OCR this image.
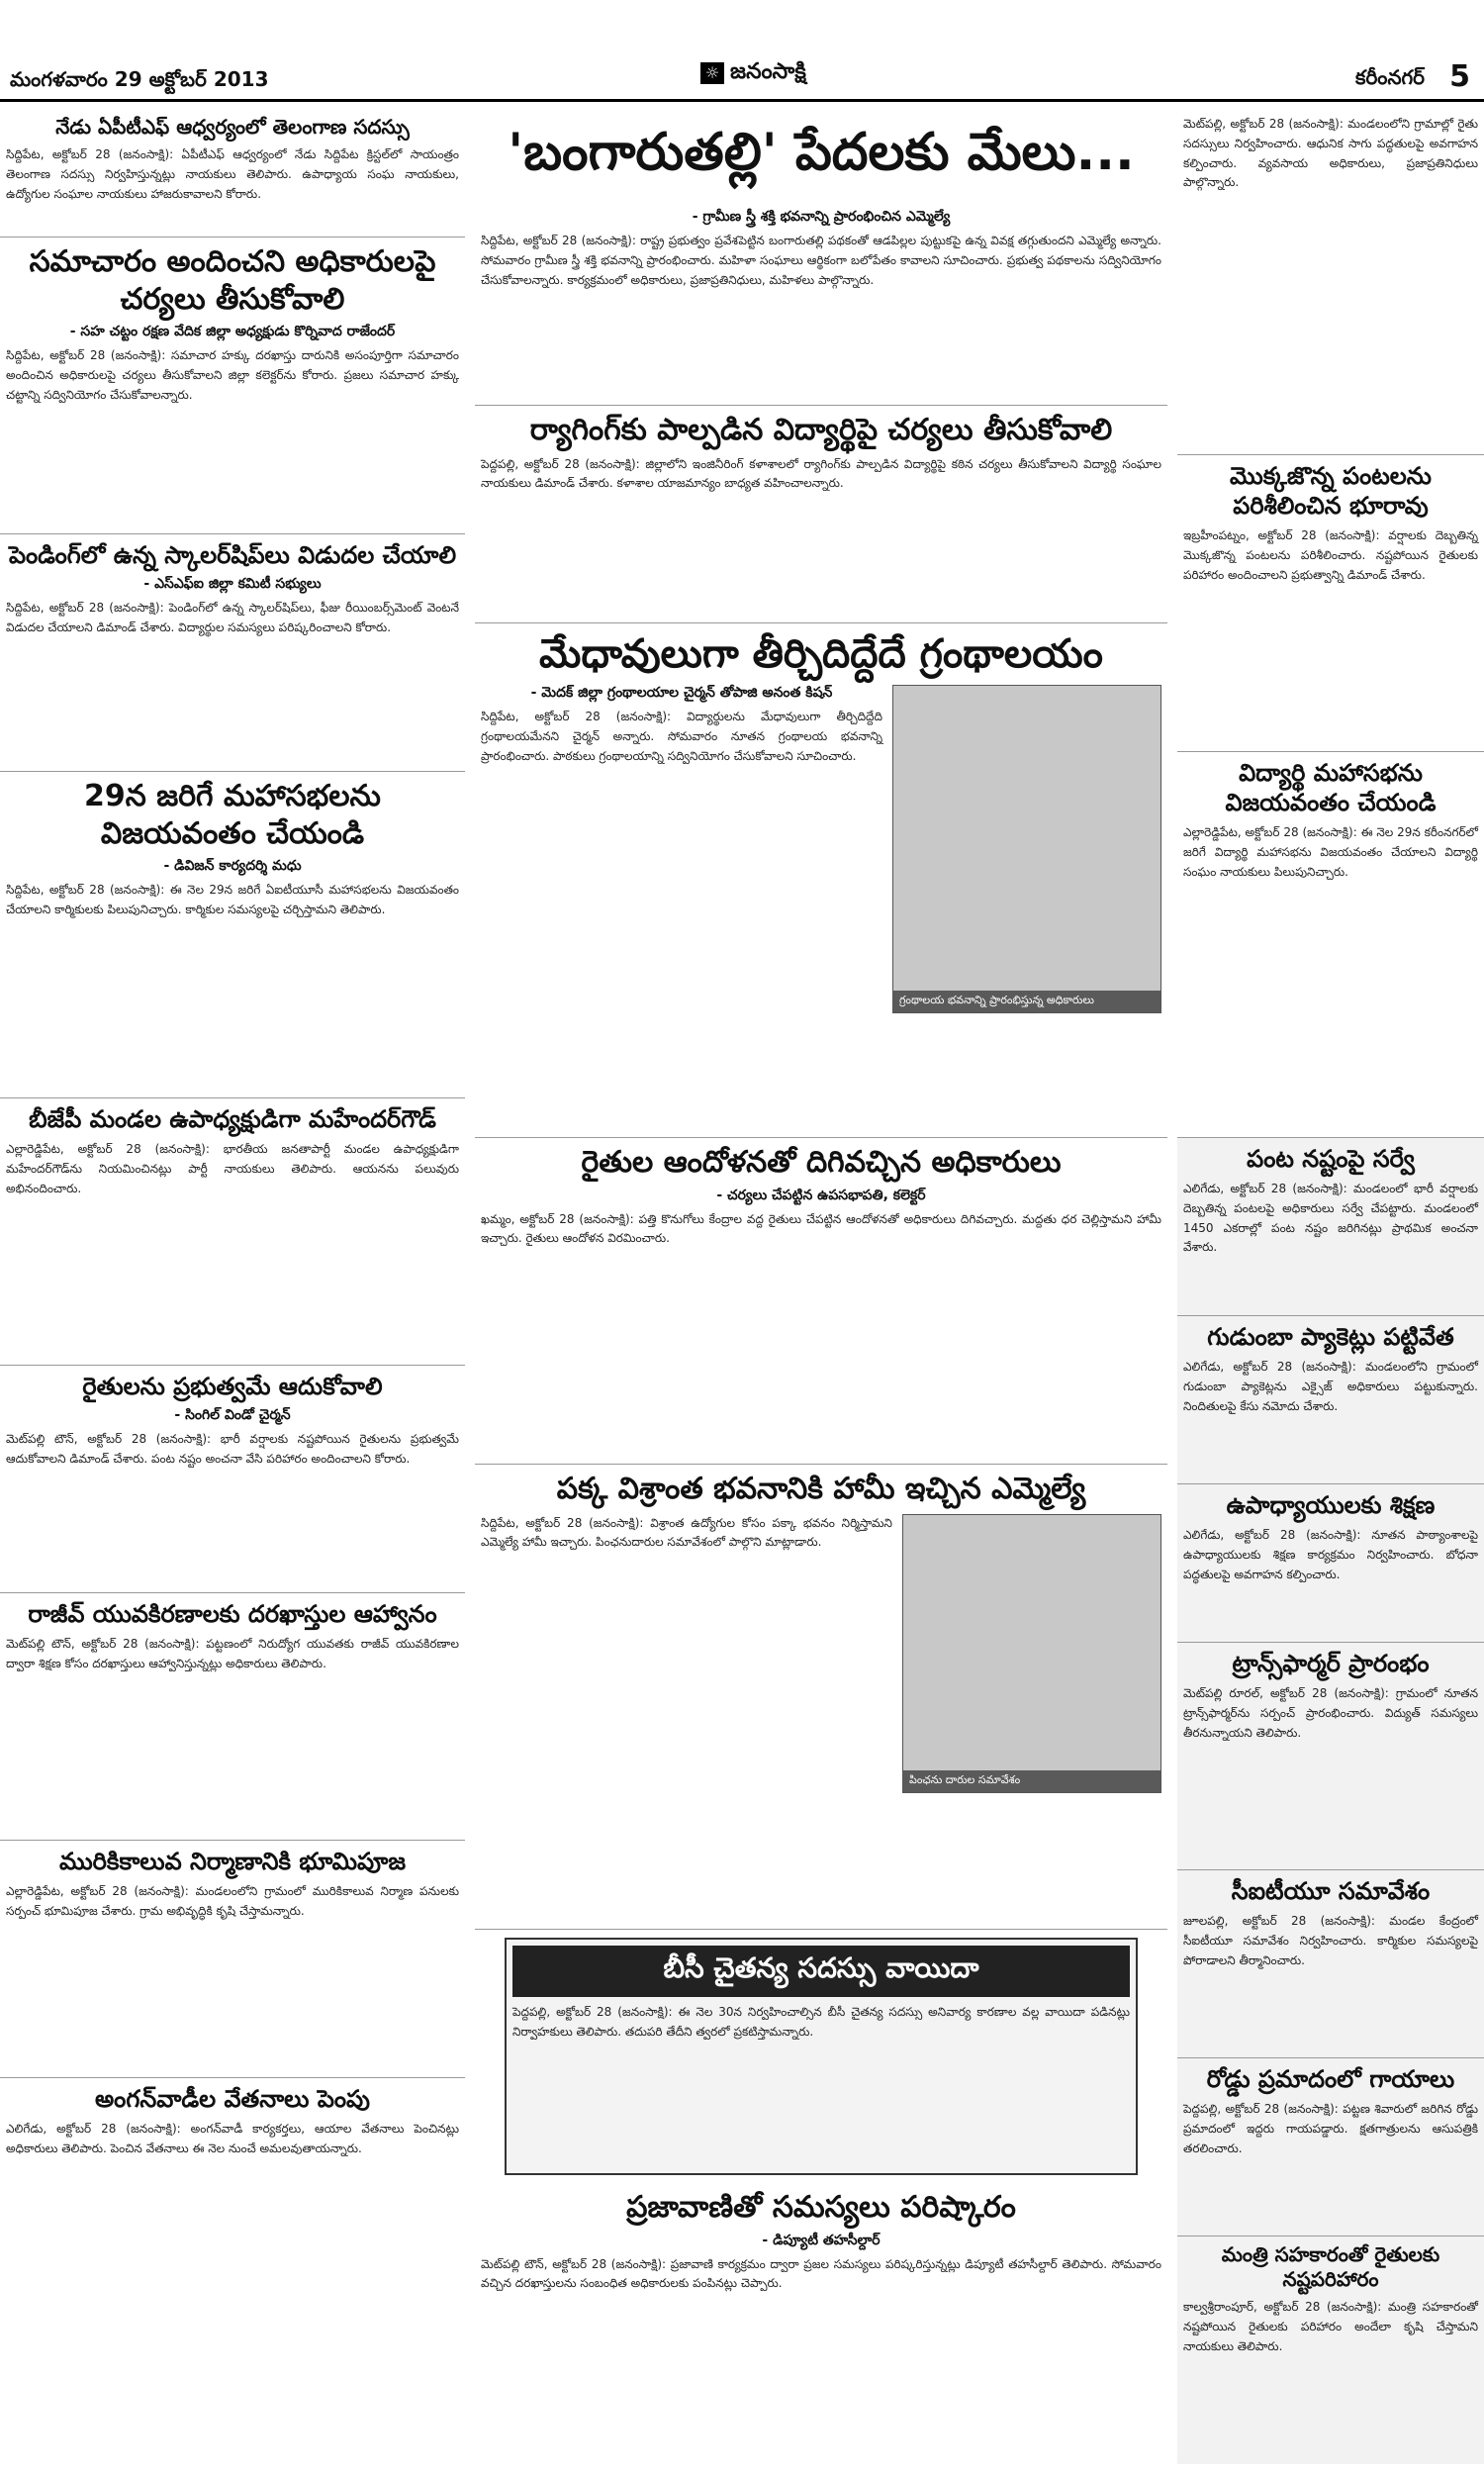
మంగళవారం 29 అక్టోబర్‌ 2013	☼ జనంసాక్షి	కరీంనగర్‌ 5
నేడు ఏపీటీఎఫ్‌ ఆధ్వర్యంలో తెలంగాణ సదస్సు
సిద్దిపేట, అక్టోబర్‌ 28 (జనంసాక్షి): ఏపీటీఎఫ్‌ ఆధ్వర్యంలో నేడు సిద్దిపేట క్రిస్టల్‌లో సాయంత్రం తెలంగాణ సదస్సు నిర్వహిస్తున్నట్లు నాయకులు తెలిపారు. ఉపాధ్యాయ సంఘ నాయకులు, ఉద్యోగుల సంఘాల నాయకులు హాజరుకావాలని కోరారు.
సమాచారం అందించని అధికారులపై చర్యలు తీసుకోవాలి
- సహ చట్టం రక్షణ వేదిక జిల్లా అధ్యక్షుడు కొర్నివాద రాజేందర్‌
సిద్దిపేట, అక్టోబర్‌ 28 (జనంసాక్షి): సమాచార హక్కు దరఖాస్తు దారునికి అసంపూర్తిగా సమాచారం అందించిన అధికారులపై చర్యలు తీసుకోవాలని జిల్లా కలెక్టర్‌ను కోరారు. ప్రజలు సమాచార హక్కు చట్టాన్ని సద్వినియోగం చేసుకోవాలన్నారు.
పెండింగ్‌లో ఉన్న స్కాలర్‌షిప్‌లు విడుదల చేయాలి
- ఎస్‌ఎఫ్‌ఐ జిల్లా కమిటీ సభ్యులు
సిద్దిపేట, అక్టోబర్‌ 28 (జనంసాక్షి): పెండింగ్‌లో ఉన్న స్కాలర్‌షిప్‌లు, ఫీజు రీయింబర్స్‌మెంట్‌ వెంటనే విడుదల చేయాలని డిమాండ్‌ చేశారు. విద్యార్థుల సమస్యలు పరిష్కరించాలని కోరారు.
29న జరిగే మహాసభలను విజయవంతం చేయండి
- డివిజన్‌ కార్యదర్శి మధు
సిద్దిపేట, అక్టోబర్‌ 28 (జనంసాక్షి): ఈ నెల 29న జరిగే ఏఐటీయూసీ మహాసభలను విజయవంతం చేయాలని కార్మికులకు పిలుపునిచ్చారు. కార్మికుల సమస్యలపై చర్చిస్తామని తెలిపారు.
బీజేపీ మండల ఉపాధ్యక్షుడిగా మహేందర్‌గౌడ్‌
ఎల్లారెడ్డిపేట, అక్టోబర్‌ 28 (జనంసాక్షి): భారతీయ జనతాపార్టీ మండల ఉపాధ్యక్షుడిగా మహేందర్‌గౌడ్‌ను నియమించినట్లు పార్టీ నాయకులు తెలిపారు. ఆయనను పలువురు అభినందించారు.
రైతులను ప్రభుత్వమే ఆదుకోవాలి
- సింగిల్‌ విండో చైర్మన్‌
మెట్‌పల్లి టౌన్‌, అక్టోబర్‌ 28 (జనంసాక్షి): భారీ వర్షాలకు నష్టపోయిన రైతులను ప్రభుత్వమే ఆదుకోవాలని డిమాండ్‌ చేశారు. పంట నష్టం అంచనా వేసి పరిహారం అందించాలని కోరారు.
రాజీవ్‌ యువకిరణాలకు దరఖాస్తుల ఆహ్వానం
మెట్‌పల్లి టౌన్‌, అక్టోబర్‌ 28 (జనంసాక్షి): పట్టణంలో నిరుద్యోగ యువతకు రాజీవ్‌ యువకిరణాల ద్వారా శిక్షణ కోసం దరఖాస్తులు ఆహ్వానిస్తున్నట్లు అధికారులు తెలిపారు.
మురికికాలువ నిర్మాణానికి భూమిపూజ
ఎల్లారెడ్డిపేట, అక్టోబర్‌ 28 (జనంసాక్షి): మండలంలోని గ్రామంలో మురికికాలువ నిర్మాణ పనులకు సర్పంచ్‌ భూమిపూజ చేశారు. గ్రామ అభివృద్ధికి కృషి చేస్తామన్నారు.
అంగన్‌వాడీల వేతనాలు పెంపు
ఎలిగేడు, అక్టోబర్‌ 28 (జనంసాక్షి): అంగన్‌వాడీ కార్యకర్తలు, ఆయాల వేతనాలు పెంచినట్లు అధికారులు తెలిపారు. పెంచిన వేతనాలు ఈ నెల నుంచే అమలవుతాయన్నారు.
'బంగారుతల్లి' పేదలకు మేలు...
- గ్రామీణ స్త్రీ శక్తి భవనాన్ని ప్రారంభించిన ఎమ్మెల్యే
సిద్దిపేట, అక్టోబర్‌ 28 (జనంసాక్షి): రాష్ట్ర ప్రభుత్వం ప్రవేశపెట్టిన బంగారుతల్లి పథకంతో ఆడపిల్లల పుట్టుకపై ఉన్న వివక్ష తగ్గుతుందని ఎమ్మెల్యే అన్నారు. సోమవారం గ్రామీణ స్త్రీ శక్తి భవనాన్ని ప్రారంభించారు. మహిళా సంఘాలు ఆర్థికంగా బలోపేతం కావాలని సూచించారు. ప్రభుత్వ పథకాలను సద్వినియోగం చేసుకోవాలన్నారు. కార్యక్రమంలో అధికారులు, ప్రజాప్రతినిధులు, మహిళలు పాల్గొన్నారు.
ర్యాగింగ్‌కు పాల్పడిన విద్యార్థిపై చర్యలు తీసుకోవాలి
పెద్దపల్లి, అక్టోబర్‌ 28 (జనంసాక్షి): జిల్లాలోని ఇంజినీరింగ్‌ కళాశాలలో ర్యాగింగ్‌కు పాల్పడిన విద్యార్థిపై కఠిన చర్యలు తీసుకోవాలని విద్యార్థి సంఘాల నాయకులు డిమాండ్‌ చేశారు. కళాశాల యాజమాన్యం బాధ్యత వహించాలన్నారు.
మేధావులుగా తీర్చిదిద్దేదే గ్రంథాలయం
- మెదక్‌ జిల్లా గ్రంథాలయాల చైర్మన్‌ తోపాజి అనంత కిషన్‌
సిద్దిపేట, అక్టోబర్‌ 28 (జనంసాక్షి): విద్యార్థులను మేధావులుగా తీర్చిదిద్దేది గ్రంథాలయమేనని చైర్మన్‌ అన్నారు. సోమవారం నూతన గ్రంథాలయ భవనాన్ని ప్రారంభించారు. పాఠకులు గ్రంథాలయాన్ని సద్వినియోగం చేసుకోవాలని సూచించారు.
గ్రంథాలయ భవనాన్ని ప్రారంభిస్తున్న అధికారులు
రైతుల ఆందోళనతో దిగివచ్చిన అధికారులు
- చర్యలు చేపట్టిన ఉపసభాపతి, కలెక్టర్‌
ఖమ్మం, అక్టోబర్‌ 28 (జనంసాక్షి): పత్తి కొనుగోలు కేంద్రాల వద్ద రైతులు చేపట్టిన ఆందోళనతో అధికారులు దిగివచ్చారు. మద్దతు ధర చెల్లిస్తామని హామీ ఇచ్చారు. రైతులు ఆందోళన విరమించారు.
పక్క విశ్రాంత భవనానికి హామీ ఇచ్చిన ఎమ్మెల్యే
సిద్దిపేట, అక్టోబర్‌ 28 (జనంసాక్షి): విశ్రాంత ఉద్యోగుల కోసం పక్కా భవనం నిర్మిస్తామని ఎమ్మెల్యే హామీ ఇచ్చారు. పింఛనుదారుల సమావేశంలో పాల్గొని మాట్లాడారు.
పింఛను దారుల సమావేశం
బీసీ చైతన్య సదస్సు వాయిదా
పెద్దపల్లి, అక్టోబర్‌ 28 (జనంసాక్షి): ఈ నెల 30న నిర్వహించాల్సిన బీసీ చైతన్య సదస్సు అనివార్య కారణాల వల్ల వాయిదా పడినట్లు నిర్వాహకులు తెలిపారు. తదుపరి తేదీని త్వరలో ప్రకటిస్తామన్నారు.
ప్రజావాణితో సమస్యలు పరిష్కారం
- డిప్యూటీ తహసీల్దార్‌
మెట్‌పల్లి టౌన్‌, అక్టోబర్‌ 28 (జనంసాక్షి): ప్రజావాణి కార్యక్రమం ద్వారా ప్రజల సమస్యలు పరిష్కరిస్తున్నట్లు డిప్యూటీ తహసీల్దార్‌ తెలిపారు. సోమవారం వచ్చిన దరఖాస్తులను సంబంధిత అధికారులకు పంపినట్లు చెప్పారు.
మెట్‌పల్లి, అక్టోబర్‌ 28 (జనంసాక్షి): మండలంలోని గ్రామాల్లో రైతు సదస్సులు నిర్వహించారు. ఆధునిక సాగు పద్ధతులపై అవగాహన కల్పించారు. వ్యవసాయ అధికారులు, ప్రజాప్రతినిధులు పాల్గొన్నారు.
మొక్కజొన్న పంటలను పరిశీలించిన భూరావు
ఇబ్రహీంపట్నం, అక్టోబర్‌ 28 (జనంసాక్షి): వర్షాలకు దెబ్బతిన్న మొక్కజొన్న పంటలను పరిశీలించారు. నష్టపోయిన రైతులకు పరిహారం అందించాలని ప్రభుత్వాన్ని డిమాండ్‌ చేశారు.
విద్యార్థి మహాసభను విజయవంతం చేయండి
ఎల్లారెడ్డిపేట, అక్టోబర్‌ 28 (జనంసాక్షి): ఈ నెల 29న కరీంనగర్‌లో జరిగే విద్యార్థి మహాసభను విజయవంతం చేయాలని విద్యార్థి సంఘం నాయకులు పిలుపునిచ్చారు.
పంట నష్టంపై సర్వే
ఎలిగేడు, అక్టోబర్‌ 28 (జనంసాక్షి): మండలంలో భారీ వర్షాలకు దెబ్బతిన్న పంటలపై అధికారులు సర్వే చేపట్టారు. మండలంలో 1450 ఎకరాల్లో పంట నష్టం జరిగినట్లు ప్రాథమిక అంచనా వేశారు.
గుడుంబా ప్యాకెట్లు పట్టివేత
ఎలిగేడు, అక్టోబర్‌ 28 (జనంసాక్షి): మండలంలోని గ్రామంలో గుడుంబా ప్యాకెట్లను ఎక్సైజ్‌ అధికారులు పట్టుకున్నారు. నిందితులపై కేసు నమోదు చేశారు.
ఉపాధ్యాయులకు శిక్షణ
ఎలిగేడు, అక్టోబర్‌ 28 (జనంసాక్షి): నూతన పాఠ్యాంశాలపై ఉపాధ్యాయులకు శిక్షణ కార్యక్రమం నిర్వహించారు. బోధనా పద్ధతులపై అవగాహన కల్పించారు.
ట్రాన్స్‌ఫార్మర్‌ ప్రారంభం
మెట్‌పల్లి రూరల్‌, అక్టోబర్‌ 28 (జనంసాక్షి): గ్రామంలో నూతన ట్రాన్స్‌ఫార్మర్‌ను సర్పంచ్‌ ప్రారంభించారు. విద్యుత్‌ సమస్యలు తీరనున్నాయని తెలిపారు.
సీఐటీయూ సమావేశం
జూలపల్లి, అక్టోబర్‌ 28 (జనంసాక్షి): మండల కేంద్రంలో సీఐటీయూ సమావేశం నిర్వహించారు. కార్మికుల సమస్యలపై పోరాడాలని తీర్మానించారు.
రోడ్డు ప్రమాదంలో గాయాలు
పెద్దపల్లి, అక్టోబర్‌ 28 (జనంసాక్షి): పట్టణ శివారులో జరిగిన రోడ్డు ప్రమాదంలో ఇద్దరు గాయపడ్డారు. క్షతగాత్రులను ఆసుపత్రికి తరలించారు.
మంత్రి సహకారంతో రైతులకు నష్టపరిహారం
కాల్వశ్రీరాంపూర్‌, అక్టోబర్‌ 28 (జనంసాక్షి): మంత్రి సహకారంతో నష్టపోయిన రైతులకు పరిహారం అందేలా కృషి చేస్తామని నాయకులు తెలిపారు.
